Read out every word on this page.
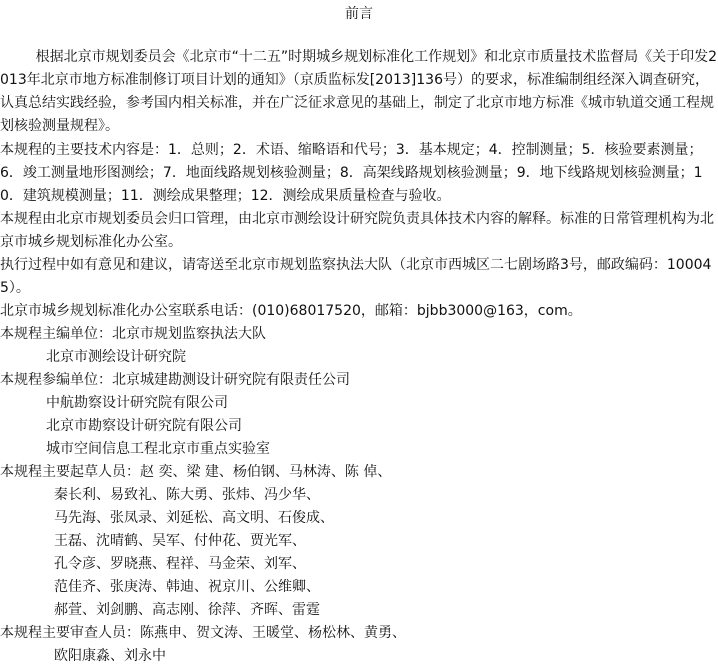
前言

根据北京市规划委员会《北京市“十二五”时期城乡规划标准化工作规划》和北京市质量技术监督局《关于印发2013年北京市地方标准制修订项目计划的通知》（京质监标发[2013]136号）的要求，标准编制组经深入调查研究，认真总结实践经验，参考国内相关标准，并在广泛征求意见的基础上，制定了北京市地方标准《城市轨道交通工程规划核验测量规程》。

本规程的主要技术内容是：1．总则；2．术语、缩略语和代号；3．基本规定；4．控制测量；5．核验要素测量；6．竣工测量地形图测绘；7．地面线路规划核验测量；8．高架线路规划核验测量；9．地下线路规划核验测量；10．建筑规模测量；11．测绘成果整理；12．测绘成果质量检查与验收。

本规程由北京市规划委员会归口管理，由北京市测绘设计研究院负责具体技术内容的解释。标准的日常管理机构为北京市城乡规划标准化办公室。

执行过程中如有意见和建议，请寄送至北京市规划监察执法大队（北京市西城区二七剧场路3号，邮政编码：100045）。

北京市城乡规划标准化办公室联系电话：(010)68017520，邮箱：bjbb3000@163，com。
本规程主编单位：北京市规划监察执法大队
北京市测绘设计研究院
本规程参编单位：北京城建勘测设计研究院有限责任公司
中航勘察设计研究院有限公司
北京市勘察设计研究院有限公司
城市空间信息工程北京市重点实验室
本规程主要起草人员：赵 奕、梁 建、杨伯钢、马林涛、陈 倬、
秦长利、易致礼、陈大勇、张炜、冯少华、
马先海、张凤录、刘延松、高文明、石俊成、
王磊、沈晴鹤、吴军、付仲花、贾光军、
孔令彦、罗晓燕、程祥、马金荣、刘军、
范佳齐、张庚涛、韩迪、祝京川、公维卿、
郝萱、刘剑鹏、高志刚、徐萍、齐晖、雷霆
本规程主要审查人员：陈燕申、贺文涛、王暖堂、杨松林、黄勇、
欧阳康淼、刘永中
